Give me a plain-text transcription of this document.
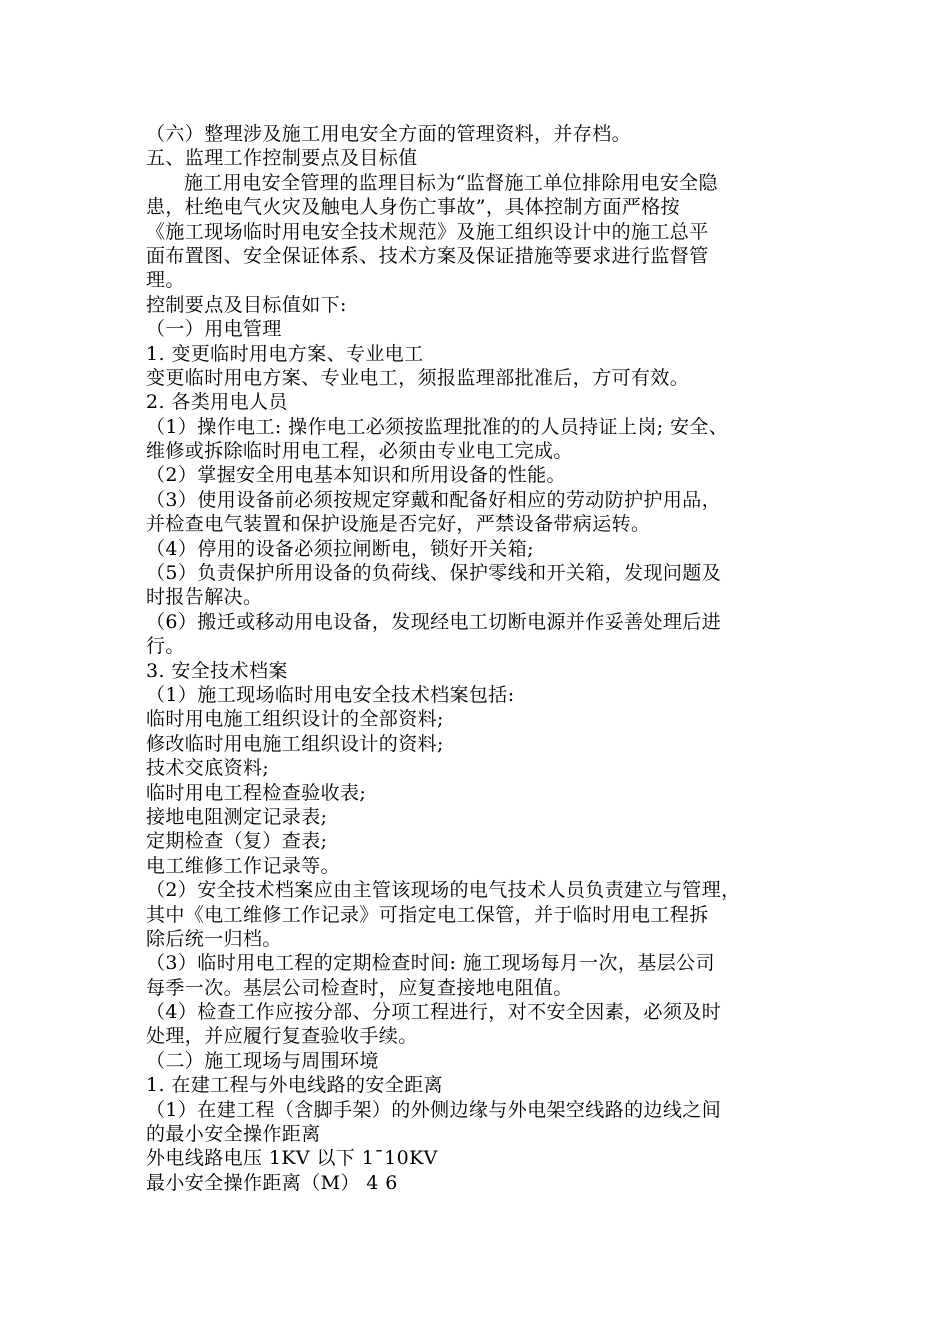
（六）整理涉及施工用电安全方面的管理资料，并存档。
五、监理工作控制要点及目标值
施工用电安全管理的监理目标为“监督施工单位排除用电安全隐
患，杜绝电气火灾及触电人身伤亡事故”，具体控制方面严格按
《施工现场临时用电安全技术规范》及施工组织设计中的施工总平
面布置图、安全保证体系、技术方案及保证措施等要求进行监督管
理。
控制要点及目标值如下:
（一）用电管理
1. 变更临时用电方案、专业电工
变更临时用电方案、专业电工，须报监理部批准后，方可有效。
2. 各类用电人员
（1）操作电工: 操作电工必须按监理批准的的人员持证上岗; 安全、
维修或拆除临时用电工程，必须由专业电工完成。
（2）掌握安全用电基本知识和所用设备的性能。
（3）使用设备前必须按规定穿戴和配备好相应的劳动防护护用品，
并检查电气装置和保护设施是否完好，严禁设备带病运转。
（4）停用的设备必须拉闸断电，锁好开关箱;
（5）负责保护所用设备的负荷线、保护零线和开关箱，发现问题及
时报告解决。
（6）搬迁或移动用电设备，发现经电工切断电源并作妥善处理后进
行。
3. 安全技术档案
（1）施工现场临时用电安全技术档案包括:
临时用电施工组织设计的全部资料;
修改临时用电施工组织设计的资料;
技术交底资料;
临时用电工程检查验收表;
接地电阻测定记录表;
定期检查（复）查表;
电工维修工作记录等。
（2）安全技术档案应由主管该现场的电气技术人员负责建立与管理，
其中《电工维修工作记录》可指定电工保管，并于临时用电工程拆
除后统一归档。
（3）临时用电工程的定期检查时间: 施工现场每月一次，基层公司
每季一次。基层公司检查时，应复查接地电阻值。
（4）检查工作应按分部、分项工程进行，对不安全因素，必须及时
处理，并应履行复查验收手续。
（二）施工现场与周围环境
1. 在建工程与外电线路的安全距离
（1）在建工程（含脚手架）的外侧边缘与外电架空线路的边线之间
的最小安全操作距离
外电线路电压 1KV 以下 1¯10KV
最小安全操作距离（M） 4 6
